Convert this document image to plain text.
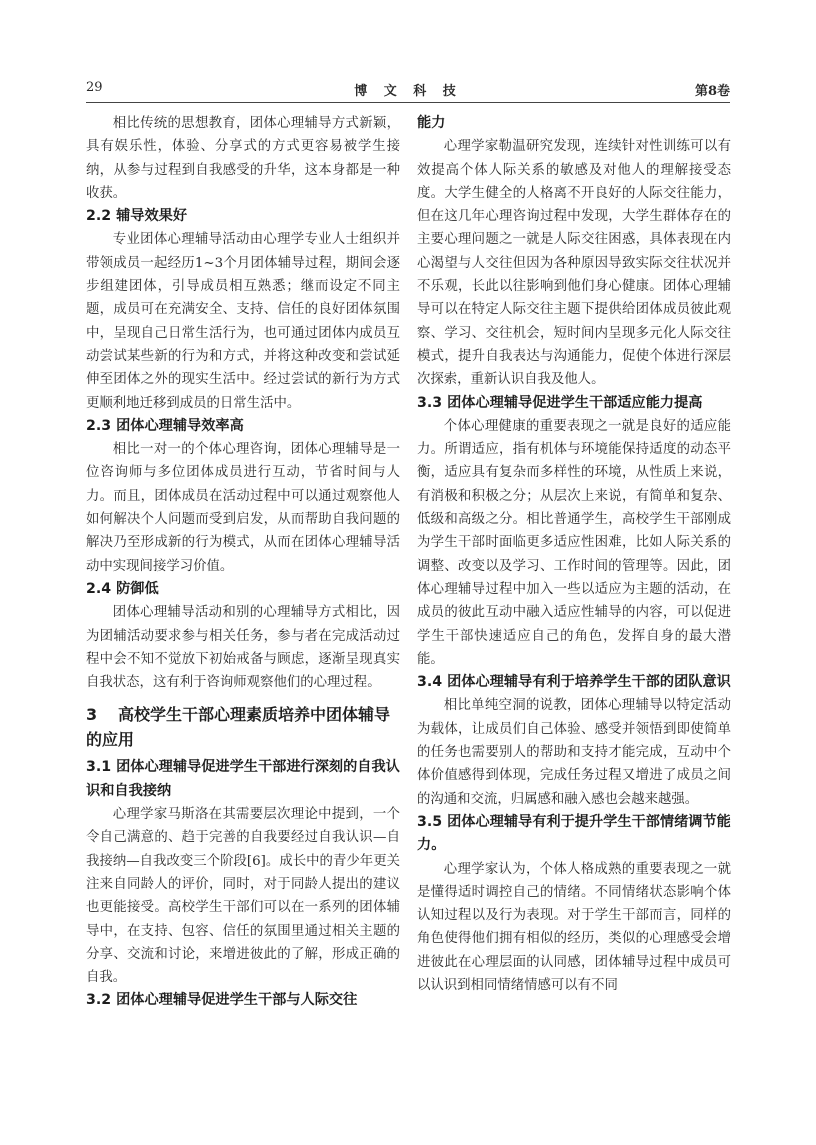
29	博 文 科 技	第8卷

相比传统的思想教育，团体心理辅导方式新颖，具有娱乐性，体验、分享式的方式更容易被学生接纳，从参与过程到自我感受的升华，这本身都是一种收获。

2.2 辅导效果好

专业团体心理辅导活动由心理学专业人士组织并带领成员一起经历1~3个月团体辅导过程，期间会逐步组建团体，引导成员相互熟悉；继而设定不同主题，成员可在充满安全、支持、信任的良好团体氛围中，呈现自己日常生活行为，也可通过团体内成员互动尝试某些新的行为和方式，并将这种改变和尝试延伸至团体之外的现实生活中。经过尝试的新行为方式更顺利地迁移到成员的日常生活中。

2.3 团体心理辅导效率高

相比一对一的个体心理咨询，团体心理辅导是一位咨询师与多位团体成员进行互动，节省时间与人力。而且，团体成员在活动过程中可以通过观察他人如何解决个人问题而受到启发，从而帮助自我问题的解决乃至形成新的行为模式，从而在团体心理辅导活动中实现间接学习价值。

2.4 防御低

团体心理辅导活动和别的心理辅导方式相比，因为团辅活动要求参与相关任务，参与者在完成活动过程中会不知不觉放下初始戒备与顾虑，逐渐呈现真实自我状态，这有利于咨询师观察他们的心理过程。

3 高校学生干部心理素质培养中团体辅导的应用
3.1 团体心理辅导促进学生干部进行深刻的自我认识和自我接纳

心理学家马斯洛在其需要层次理论中提到，一个令自己满意的、趋于完善的自我要经过自我认识—自我接纳—自我改变三个阶段[6]。成长中的青少年更关注来自同龄人的评价，同时，对于同龄人提出的建议也更能接受。高校学生干部们可以在一系列的团体辅导中，在支持、包容、信任的氛围里通过相关主题的分享、交流和讨论，来增进彼此的了解，形成正确的自我。

3.2 团体心理辅导促进学生干部与人际交往
能力

心理学家勒温研究发现，连续针对性训练可以有效提高个体人际关系的敏感及对他人的理解接受态度。大学生健全的人格离不开良好的人际交往能力，但在这几年心理咨询过程中发现，大学生群体存在的主要心理问题之一就是人际交往困惑，具体表现在内心渴望与人交往但因为各种原因导致实际交往状况并不乐观，长此以往影响到他们身心健康。团体心理辅导可以在特定人际交往主题下提供给团体成员彼此观察、学习、交往机会，短时间内呈现多元化人际交往模式，提升自我表达与沟通能力，促使个体进行深层次探索，重新认识自我及他人。

3.3 团体心理辅导促进学生干部适应能力提高

个体心理健康的重要表现之一就是良好的适应能力。所谓适应，指有机体与环境能保持适度的动态平衡，适应具有复杂而多样性的环境，从性质上来说，有消极和积极之分；从层次上来说，有简单和复杂、低级和高级之分。相比普通学生，高校学生干部刚成为学生干部时面临更多适应性困难，比如人际关系的调整、改变以及学习、工作时间的管理等。因此，团体心理辅导过程中加入一些以适应为主题的活动，在成员的彼此互动中融入适应性辅导的内容，可以促进学生干部快速适应自己的角色，发挥自身的最大潜能。

3.4 团体心理辅导有利于培养学生干部的团队意识

相比单纯空洞的说教，团体心理辅导以特定活动为载体，让成员们自己体验、感受并领悟到即使简单的任务也需要别人的帮助和支持才能完成，互动中个体价值感得到体现，完成任务过程又增进了成员之间的沟通和交流，归属感和融入感也会越来越强。

3.5 团体心理辅导有利于提升学生干部情绪调节能力。

心理学家认为，个体人格成熟的重要表现之一就是懂得适时调控自己的情绪。不同情绪状态影响个体认知过程以及行为表现。对于学生干部而言，同样的角色使得他们拥有相似的经历，类似的心理感受会增进彼此在心理层面的认同感，团体辅导过程中成员可以认识到相同情绪情感可以有不同
